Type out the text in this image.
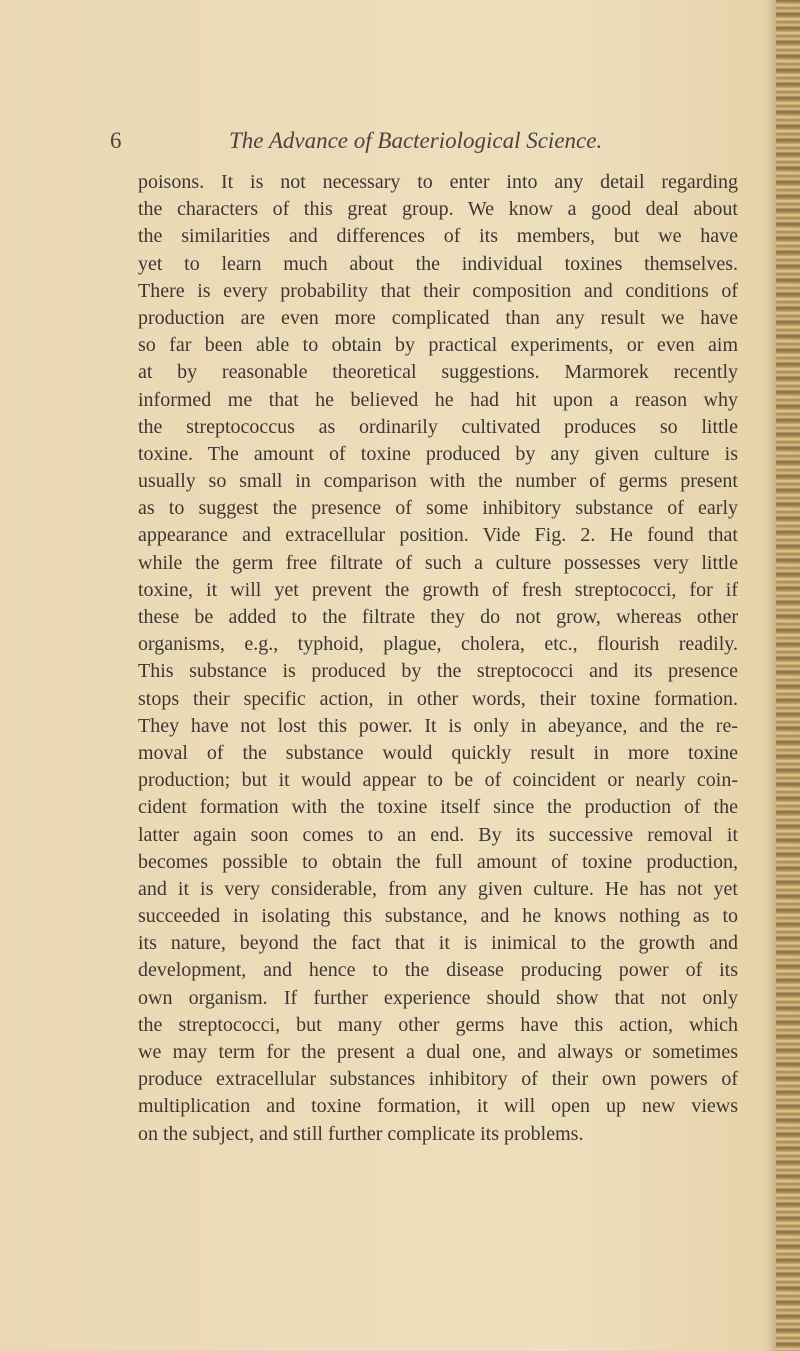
6	The Advance of Bacteriological Science.
poisons. It is not necessary to enter into any detail regarding
the characters of this great group. We know a good deal about
the similarities and differences of its members, but we have
yet to learn much about the individual toxines themselves.
There is every probability that their composition and conditions of
production are even more complicated than any result we have
so far been able to obtain by practical experiments, or even aim
at by reasonable theoretical suggestions. Marmorek recently
informed me that he believed he had hit upon a reason why
the streptococcus as ordinarily cultivated produces so little
toxine. The amount of toxine produced by any given culture is
usually so small in comparison with the number of germs present
as to suggest the presence of some inhibitory substance of early
appearance and extracellular position. Vide Fig. 2. He found that
while the germ free filtrate of such a culture possesses very little
toxine, it will yet prevent the growth of fresh streptococci, for if
these be added to the filtrate they do not grow, whereas other
organisms, e.g., typhoid, plague, cholera, etc., flourish readily.
This substance is produced by the streptococci and its presence
stops their specific action, in other words, their toxine formation.
They have not lost this power. It is only in abeyance, and the re-
moval of the substance would quickly result in more toxine
production; but it would appear to be of coincident or nearly coin-
cident formation with the toxine itself since the production of the
latter again soon comes to an end. By its successive removal it
becomes possible to obtain the full amount of toxine production,
and it is very considerable, from any given culture. He has not yet
succeeded in isolating this substance, and he knows nothing as to
its nature, beyond the fact that it is inimical to the growth and
development, and hence to the disease producing power of its
own organism. If further experience should show that not only
the streptococci, but many other germs have this action, which
we may term for the present a dual one, and always or sometimes
produce extracellular substances inhibitory of their own powers of
multiplication and toxine formation, it will open up new views
on the subject, and still further complicate its problems.
